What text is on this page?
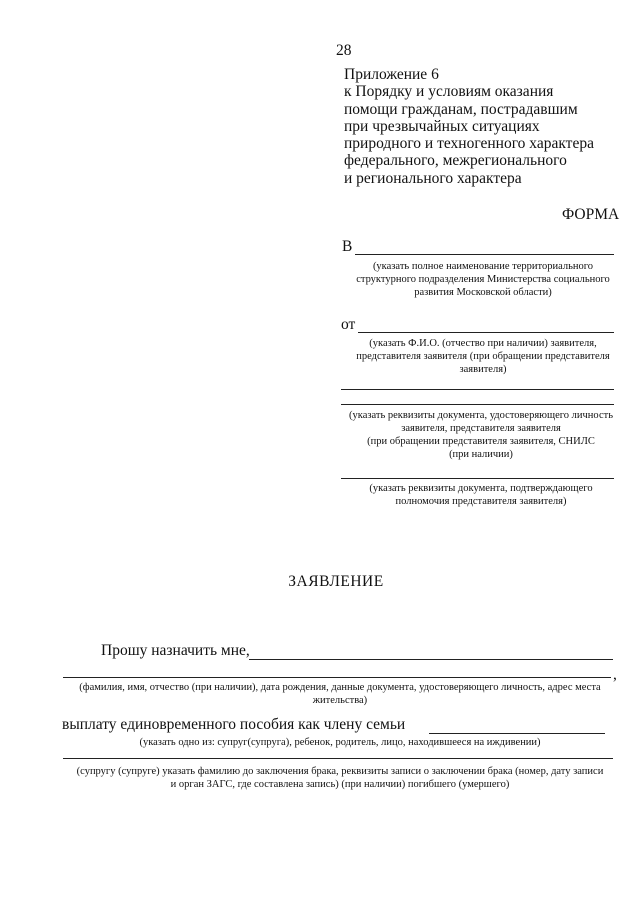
28
Приложение 6
к Порядку и условиям оказания
помощи гражданам, пострадавшим
при чрезвычайных ситуациях
природного и техногенного характера
федерального, межрегионального
и регионального характера
ФОРМА
В
(указать полное наименование территориального
структурного подразделения Министерства социального
развития Московской области)
от
(указать Ф.И.О. (отчество при наличии) заявителя,
представителя заявителя (при обращении представителя
заявителя)
(указать реквизиты документа, удостоверяющего личность
заявителя, представителя заявителя
(при обращении представителя заявителя, СНИЛС
(при наличии)
(указать реквизиты документа, подтверждающего
полномочия представителя заявителя)
ЗАЯВЛЕНИЕ
Прошу назначить мне,
,
(фамилия, имя, отчество (при наличии), дата рождения, данные документа, удостоверяющего личность, адрес места
жительства)
выплату единовременного пособия как члену семьи
(указать одно из: супруг(супруга), ребенок, родитель, лицо, находившееся на иждивении)
(супругу (супруге) указать фамилию до заключения брака, реквизиты записи о заключении брака (номер, дату записи
и орган ЗАГС, где составлена запись) (при наличии) погибшего (умершего)
